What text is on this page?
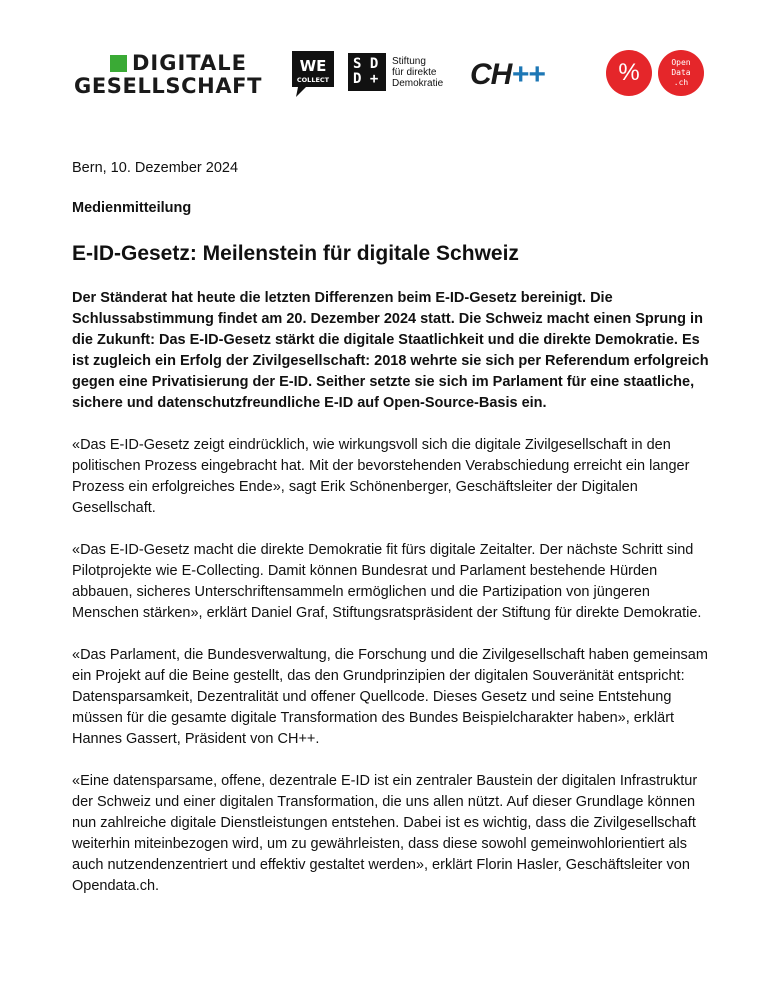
DIGITALE
GESELLSCHAFT
WE
COLLECT
S D
D +
Stiftung
für direkte
Demokratie CH++	%	Open
Data
.ch

Bern, 10. Dezember 2024

Medienmitteilung

E-ID-Gesetz: Meilenstein für digitale Schweiz

Der Ständerat hat heute die letzten Differenzen beim E-ID-Gesetz bereinigt. Die Schlussabstimmung findet am 20. Dezember 2024 statt. Die Schweiz macht einen Sprung in die Zukunft: Das E-ID-Gesetz stärkt die digitale Staatlichkeit und die direkte Demokratie. Es ist zugleich ein Erfolg der Zivilgesellschaft: 2018 wehrte sie sich per Referendum erfolgreich gegen eine Privatisierung der E-ID. Seither setzte sie sich im Parlament für eine staatliche, sichere und datenschutzfreundliche E-ID auf Open-Source-Basis ein.

«Das E-ID-Gesetz zeigt eindrücklich, wie wirkungsvoll sich die digitale Zivilgesellschaft in den politischen Prozess eingebracht hat. Mit der bevorstehenden Verabschiedung erreicht ein langer Prozess ein erfolgreiches Ende», sagt Erik Schönenberger, Geschäftsleiter der Digitalen Gesellschaft.

«Das E-ID-Gesetz macht die direkte Demokratie fit fürs digitale Zeitalter. Der nächste Schritt sind Pilotprojekte wie E-Collecting. Damit können Bundesrat und Parlament bestehende Hürden abbauen, sicheres Unterschriftensammeln ermöglichen und die Partizipation von jüngeren Menschen stärken», erklärt Daniel Graf, Stiftungsratspräsident der Stiftung für direkte Demokratie.

«Das Parlament, die Bundesverwaltung, die Forschung und die Zivilgesellschaft haben gemeinsam ein Projekt auf die Beine gestellt, das den Grundprinzipien der digitalen Souveränität entspricht: Datensparsamkeit, Dezentralität und offener Quellcode. Dieses Gesetz und seine Entstehung müssen für die gesamte digitale Transformation des Bundes Beispielcharakter haben», erklärt Hannes Gassert, Präsident von CH++.

«Eine datensparsame, offene, dezentrale E-ID ist ein zentraler Baustein der digitalen Infrastruktur der Schweiz und einer digitalen Transformation, die uns allen nützt. Auf dieser Grundlage können nun zahlreiche digitale Dienstleistungen entstehen. Dabei ist es wichtig, dass die Zivilgesellschaft weiterhin miteinbezogen wird, um zu gewährleisten, dass diese sowohl gemeinwohlorientiert als auch nutzendenzentriert und effektiv gestaltet werden», erklärt Florin Hasler, Geschäftsleiter von Opendata.ch.
